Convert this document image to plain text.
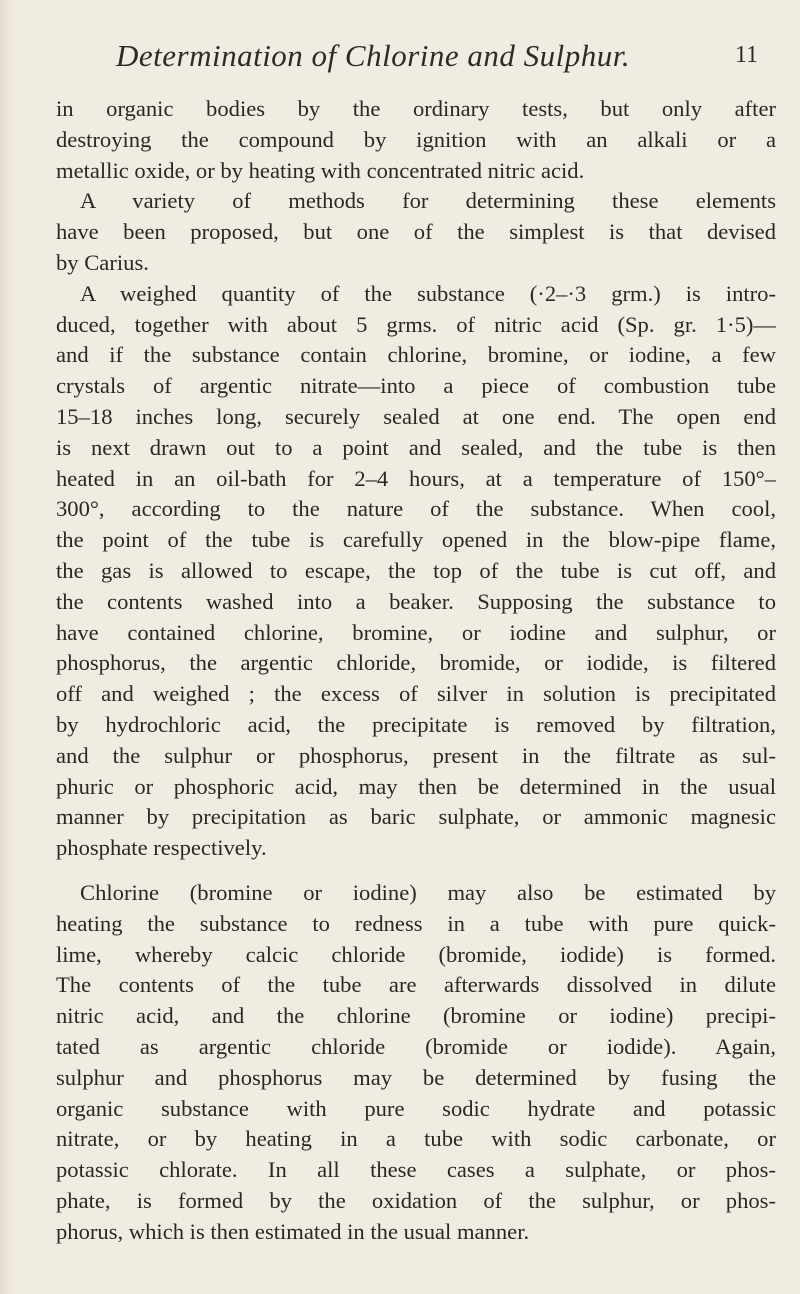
Determination of Chlorine and Sulphur.	11
in organic bodies by the ordinary tests, but only after
destroying the compound by ignition with an alkali or a
metallic oxide, or by heating with concentrated nitric acid.
A variety of methods for determining these elements
have been proposed, but one of the simplest is that devised
by Carius.
A weighed quantity of the substance (·2–·3 grm.) is intro-
duced, together with about 5 grms. of nitric acid (Sp. gr. 1·5)—
and if the substance contain chlorine, bromine, or iodine, a few
crystals of argentic nitrate—into a piece of combustion tube
15–18 inches long, securely sealed at one end. The open end
is next drawn out to a point and sealed, and the tube is then
heated in an oil-bath for 2–4 hours, at a temperature of 150°–
300°, according to the nature of the substance. When cool,
the point of the tube is carefully opened in the blow-pipe flame,
the gas is allowed to escape, the top of the tube is cut off, and
the contents washed into a beaker. Supposing the substance to
have contained chlorine, bromine, or iodine and sulphur, or
phosphorus, the argentic chloride, bromide, or iodide, is filtered
off and weighed ; the excess of silver in solution is precipitated
by hydrochloric acid, the precipitate is removed by filtration,
and the sulphur or phosphorus, present in the filtrate as sul-
phuric or phosphoric acid, may then be determined in the usual
manner by precipitation as baric sulphate, or ammonic magnesic
phosphate respectively.
Chlorine (bromine or iodine) may also be estimated by
heating the substance to redness in a tube with pure quick-
lime, whereby calcic chloride (bromide, iodide) is formed.
The contents of the tube are afterwards dissolved in dilute
nitric acid, and the chlorine (bromine or iodine) precipi-
tated as argentic chloride (bromide or iodide). Again,
sulphur and phosphorus may be determined by fusing the
organic substance with pure sodic hydrate and potassic
nitrate, or by heating in a tube with sodic carbonate, or
potassic chlorate. In all these cases a sulphate, or phos-
phate, is formed by the oxidation of the sulphur, or phos-
phorus, which is then estimated in the usual manner.
